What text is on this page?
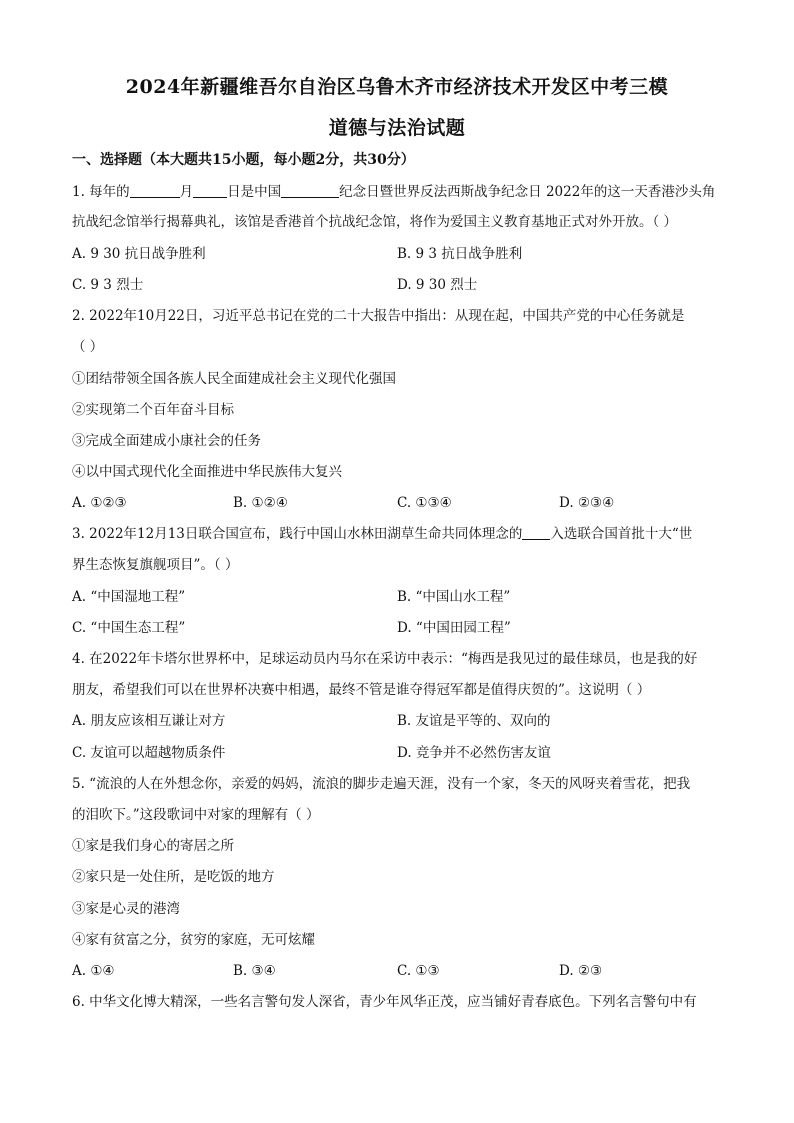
2024年新疆维吾尔自治区乌鲁木齐市经济技术开发区中考三模
道德与法治试题
一、选择题（本大题共15小题，每小题2分，共30分）
1. 每年的	月	日是中国	纪念日暨世界反法西斯战争纪念日 2022年的这一天香港沙头角
抗战纪念馆举行揭幕典礼，该馆是香港首个抗战纪念馆，将作为爱国主义教育基地正式对外开放。（ ）
A. 9 30 抗日战争胜利	B. 9 3 抗日战争胜利
C. 9 3 烈士	D. 9 30 烈士
2. 2022年10月22日，习近平总书记在党的二十大报告中指出：从现在起，中国共产党的中心任务就是
（ ）
①团结带领全国各族人民全面建成社会主义现代化强国
②实现第二个百年奋斗目标
③完成全面建成小康社会的任务
④以中国式现代化全面推进中华民族伟大复兴
A. ①②③	B. ①②④	C. ①③④	D. ②③④
3. 2022年12月13日联合国宣布，践行中国山水林田湖草生命共同体理念的 入选联合国首批十大“世
界生态恢复旗舰项目”。（ ）
A. “中国湿地工程”	B. “中国山水工程”
C. “中国生态工程”	D. “中国田园工程”
4. 在2022年卡塔尔世界杯中，足球运动员内马尔在采访中表示：“梅西是我见过的最佳球员，也是我的好
朋友，希望我们可以在世界杯决赛中相遇，最终不管是谁夺得冠军都是值得庆贺的”。这说明（ ）
A. 朋友应该相互谦让对方	B. 友谊是平等的、双向的
C. 友谊可以超越物质条件	D. 竞争并不必然伤害友谊
5. “流浪的人在外想念你，亲爱的妈妈，流浪的脚步走遍天涯，没有一个家，冬天的风呀夹着雪花，把我
的泪吹下。”这段歌词中对家的理解有（ ）
①家是我们身心的寄居之所
②家只是一处住所，是吃饭的地方
③家是心灵的港湾
④家有贫富之分，贫穷的家庭，无可炫耀
A. ①④	B. ③④	C. ①③	D. ②③
6. 中华文化博大精深，一些名言警句发人深省，青少年风华正茂，应当铺好青春底色。下列名言警句中有
